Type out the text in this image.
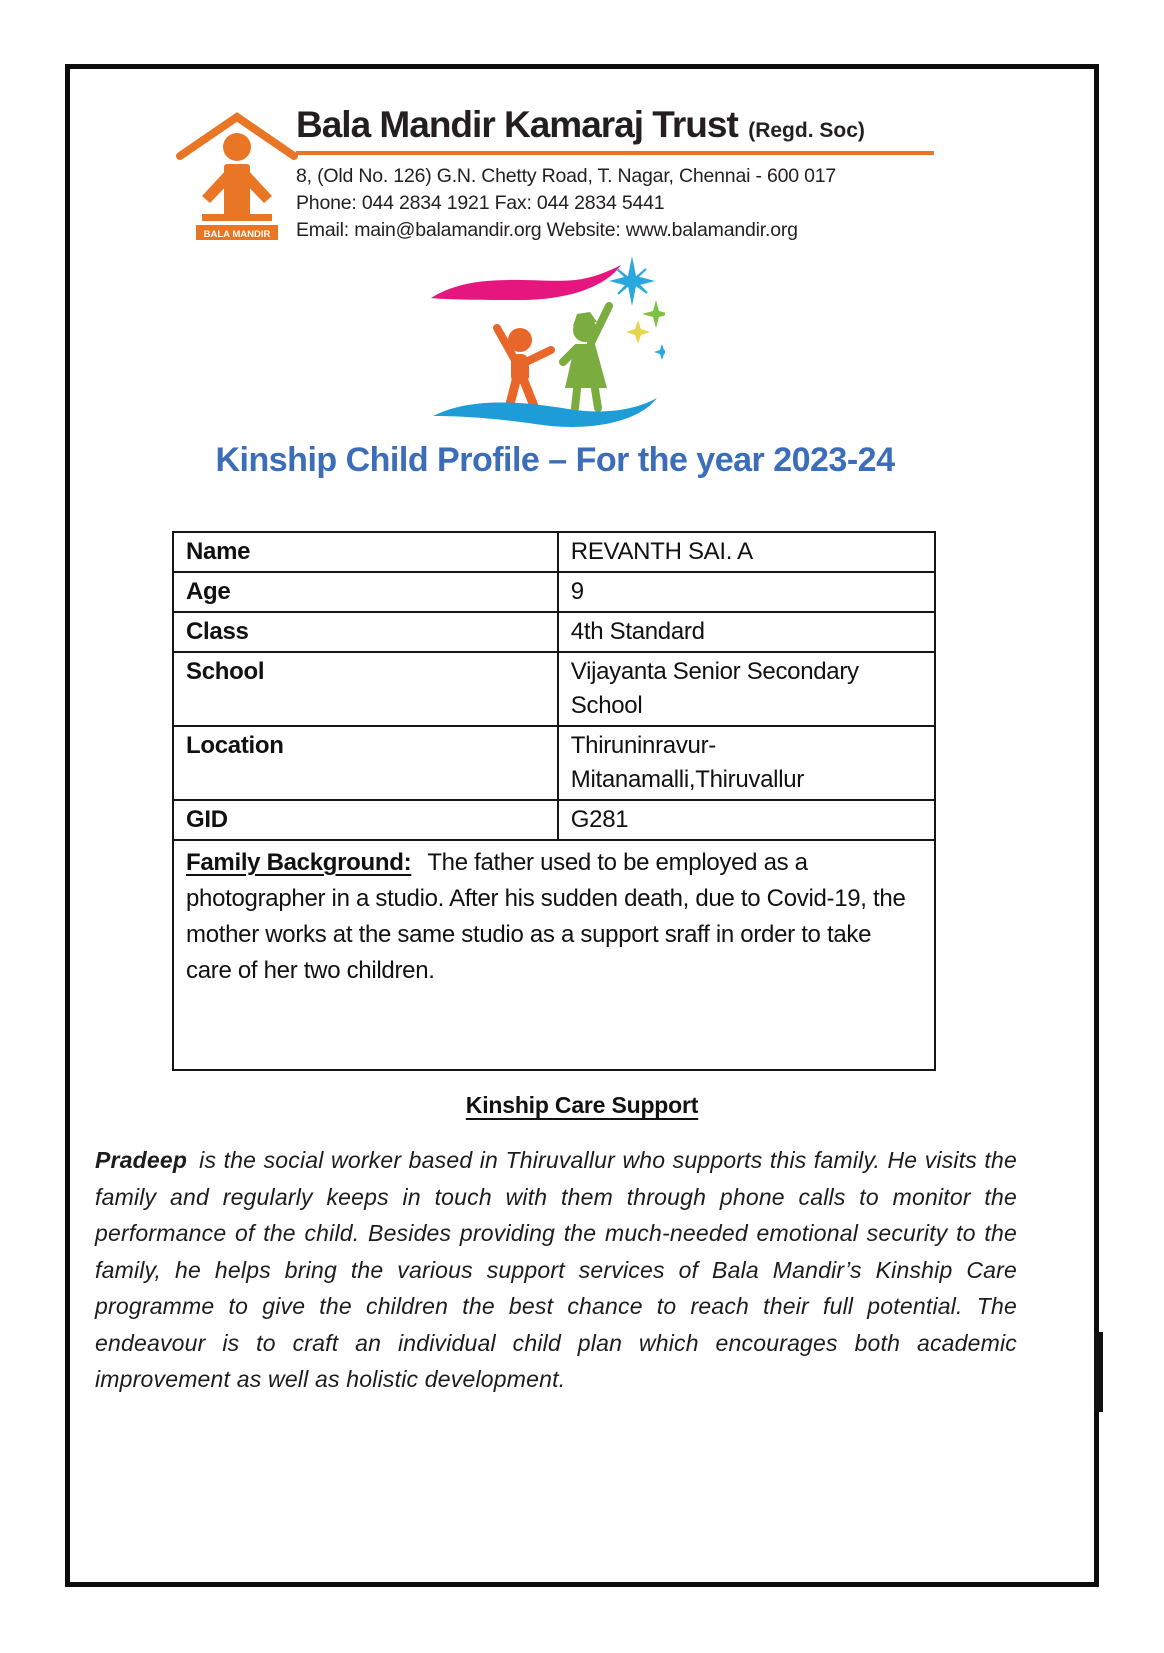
BALA MANDIR
Bala Mandir Kamaraj Trust (Regd. Soc)
8, (Old No. 126) G.N. Chetty Road, T. Nagar, Chennai - 600 017
Phone: 044 2834 1921 Fax: 044 2834 5441
Email: main@balamandir.org Website: www.balamandir.org
Kinship Child Profile – For the year 2023-24
Name	REVANTH SAI. A
Age	9
Class	4th Standard
School	Vijayanta Senior Secondary School
Location	Thiruninravur-Mitanamalli,Thiruvallur
GID	G281
Family Background: The father used to be employed as a photographer in a studio. After his sudden death, due to Covid-19, the mother works at the same studio as a support sraff in order to take care of her two children.	
Kinship Care Support

Pradeep is the social worker based in Thiruvallur who supports this family. He visits the family and regularly keeps in touch with them through phone calls to monitor the performance of the child. Besides providing the much-needed emotional security to the family, he helps bring the various support services of Bala Mandir’s Kinship Care programme to give the children the best chance to reach their full potential. The endeavour is to craft an individual child plan which encourages both academic improvement as well as holistic development.
